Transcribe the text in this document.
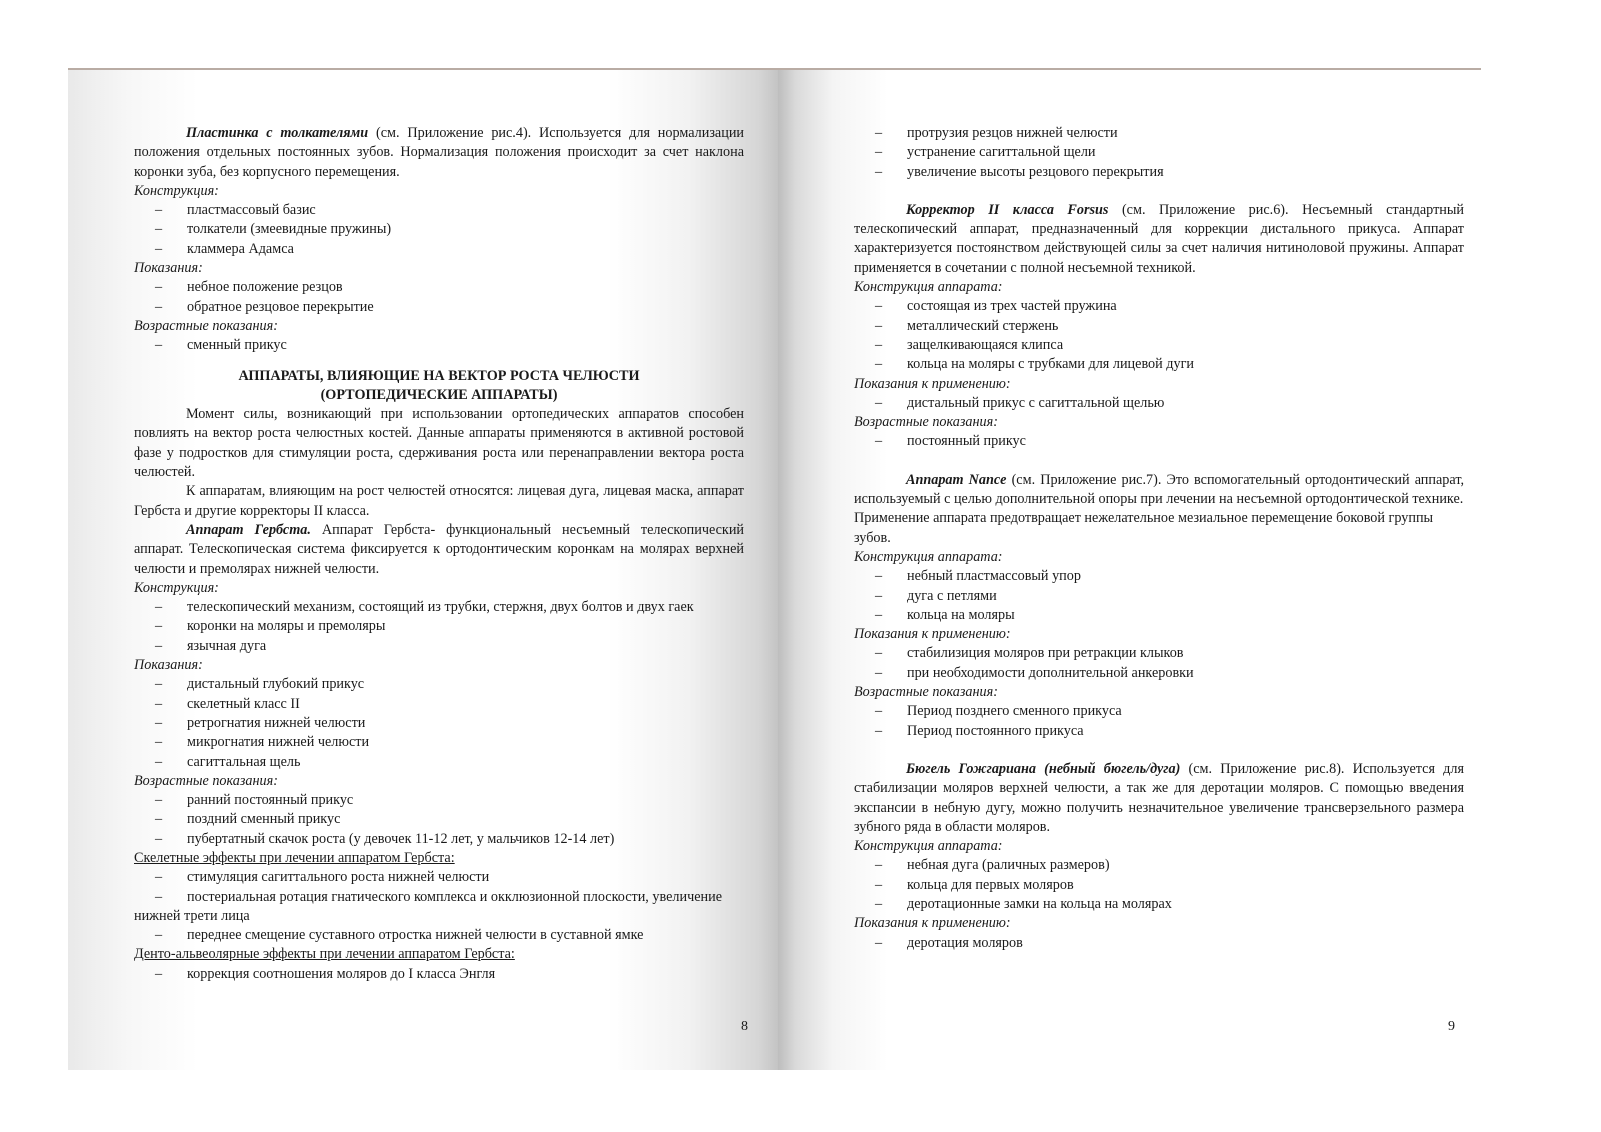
Пластинка с толкателями (см. Приложение рис.4). Используется для нормализации положения отдельных постоянных зубов. Нормализация положения происходит за счет наклона коронки зуба, без корпусного перемещения.

Конструкция:
– пластмассовый базис
– толкатели (змеевидные пружины)
– кламмера Адамса
Показания:
– небное положение резцов
– обратное резцовое перекрытие
Возрастные показания:
– сменный прикус
АППАРАТЫ, ВЛИЯЮЩИЕ НА ВЕКТОР РОСТА ЧЕЛЮСТИ
(ОРТОПЕДИЧЕСКИЕ АППАРАТЫ)

Момент силы, возникающий при использовании ортопедических аппаратов способен повлиять на вектор роста челюстных костей. Данные аппараты применяются в активной ростовой фазе у подростков для стимуляции роста, сдерживания роста или перенаправлении вектора роста челюстей.

К аппаратам, влияющим на рост челюстей относятся: лицевая дуга, лицевая маска, аппарат Гербста и другие корректоры II класса.

Аппарат Гербста. Аппарат Гербста- функциональный несъемный телескопический аппарат. Телескопическая система фиксируется к ортодонтическим коронкам на молярах верхней челюсти и премолярах нижней челюсти.

Конструкция:
– телескопический механизм, состоящий из трубки, стержня, двух болтов и двух гаек
– коронки на моляры и премоляры
– язычная дуга
Показания:
– дистальный глубокий прикус
– скелетный класс II
– ретрогнатия нижней челюсти
– микрогнатия нижней челюсти
– сагиттальная щель
Возрастные показания:
– ранний постоянный прикус
– поздний сменный прикус
– пубертатный скачок роста (у девочек 11-12 лет, у мальчиков 12-14 лет)
Скелетные эффекты при лечении аппаратом Гербста:
– стимуляция сагиттального роста нижней челюсти
– постериальная ротация гнатического комплекса и окклюзионной плоскости, увеличение нижней трети лица
– переднее смещение суставного отростка нижней челюсти в суставной ямке
Денто-альвеолярные эффекты при лечении аппаратом Гербста:
– коррекция соотношения моляров до I класса Энгля
8
– протрузия резцов нижней челюсти
– устранение сагиттальной щели
– увеличение высоты резцового перекрытия

Корректор II класса Forsus (см. Приложение рис.6). Несъемный стандартный телескопический аппарат, предназначенный для коррекции дистального прикуса. Аппарат характеризуется постоянством действующей силы за счет наличия нитиноловой пружины. Аппарат применяется в сочетании с полной несъемной техникой.

Конструкция аппарата:
– состоящая из трех частей пружина
– металлический стержень
– защелкивающаяся клипса
– кольца на моляры с трубками для лицевой дуги
Показания к применению:
– дистальный прикус с сагиттальной щелью
Возрастные показания:
– постоянный прикус

Аппарат Nance (см. Приложение рис.7). Это вспомогательный ортодонтический аппарат, используемый с целью дополнительной опоры при лечении на несъемной ортодонтической технике.

Применение аппарата предотвращает нежелательное мезиальное перемещение боковой группы зубов.

Конструкция аппарата:
– небный пластмассовый упор
– дуга с петлями
– кольца на моляры
Показания к применению:
– стабилизиция моляров при ретракции клыков
– при необходимости дополнительной анкеровки
Возрастные показания:
– Период позднего сменного прикуса
– Период постоянного прикуса

Бюгель Гожгариана (небный бюгель/дуга) (см. Приложение рис.8). Используется для стабилизации моляров верхней челюсти, а так же для деротации моляров. С помощью введения экспансии в небную дугу, можно получить незначительное увеличение трансверзельного размера зубного ряда в области моляров.

Конструкция аппарата:
– небная дуга (раличных размеров)
– кольца для первых моляров
– деротационные замки на кольца на молярах
Показания к применению:
– деротация моляров
9
